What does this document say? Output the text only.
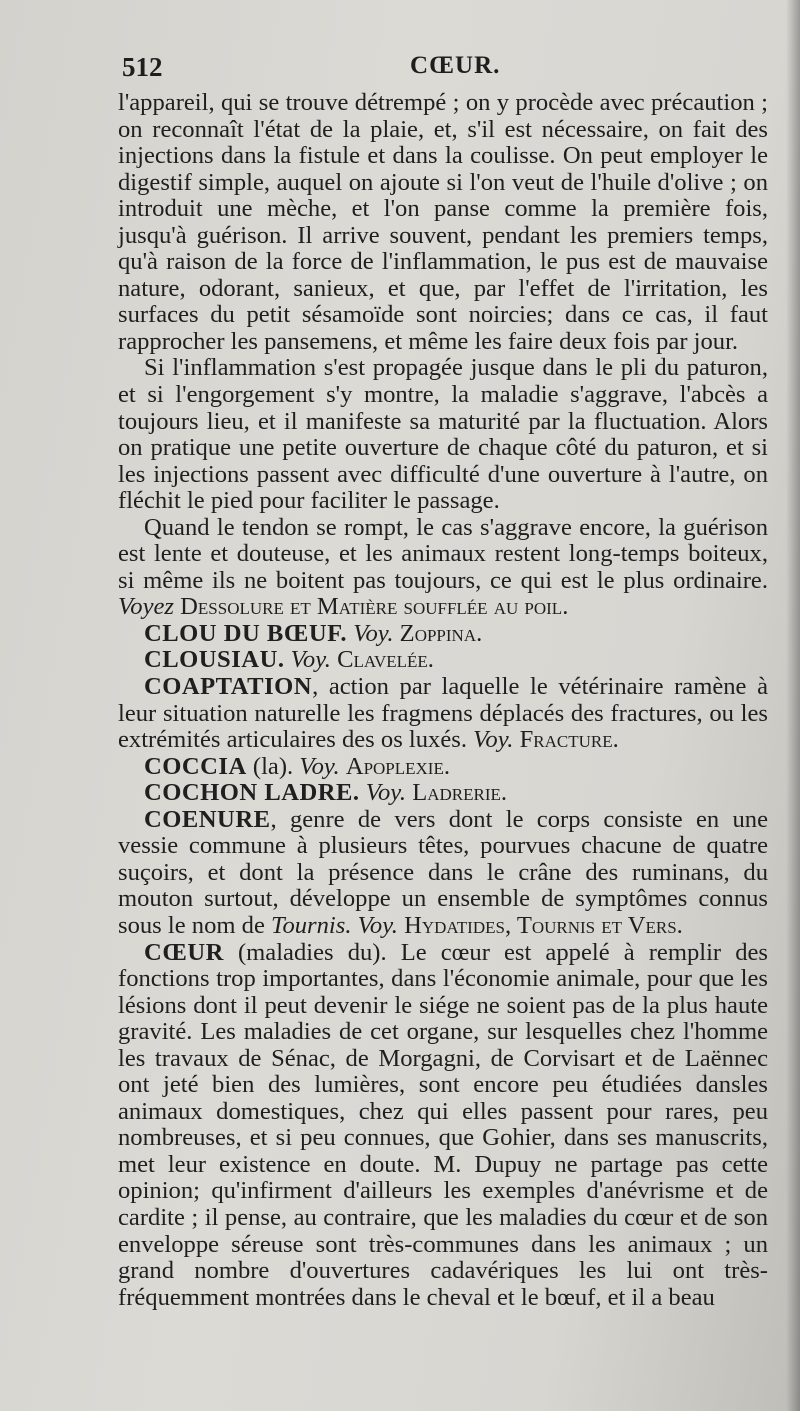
512	CŒUR.

l'appareil, qui se trouve détrempé ; on y procède avec précaution ; on reconnaît l'état de la plaie, et, s'il est nécessaire, on fait des injections dans la fistule et dans la coulisse. On peut employer le digestif simple, auquel on ajoute si l'on veut de l'huile d'olive ; on introduit une mèche, et l'on panse comme la première fois, jusqu'à guérison. Il arrive souvent, pendant les premiers temps, qu'à raison de la force de l'inflammation, le pus est de mauvaise nature, odorant, sanieux, et que, par l'effet de l'irritation, les surfaces du petit sésamoïde sont noircies; dans ce cas, il faut rapprocher les pansemens, et même les faire deux fois par jour.

Si l'inflammation s'est propagée jusque dans le pli du paturon, et si l'engorgement s'y montre, la maladie s'aggrave, l'abcès a toujours lieu, et il manifeste sa maturité par la fluctuation. Alors on pratique une petite ouverture de chaque côté du paturon, et si les injections passent avec difficulté d'une ouverture à l'autre, on fléchit le pied pour faciliter le passage.

Quand le tendon se rompt, le cas s'aggrave encore, la guérison est lente et douteuse, et les animaux restent long-temps boiteux, si même ils ne boitent pas toujours, ce qui est le plus ordinaire. Voyez Dessolure et Matière soufflée au poil.

CLOU DU BŒUF. Voy. Zoppina.

CLOUSIAU. Voy. Clavelée.

COAPTATION, action par laquelle le vétérinaire ramène à leur situation naturelle les fragmens déplacés des fractures, ou les extrémités articulaires des os luxés. Voy. Fracture.

COCCIA (la). Voy. Apoplexie.

COCHON LADRE. Voy. Ladrerie.

COENURE, genre de vers dont le corps consiste en une vessie commune à plusieurs têtes, pourvues chacune de quatre suçoirs, et dont la présence dans le crâne des ruminans, du mouton surtout, développe un ensemble de symptômes connus sous le nom de Tournis. Voy. Hydatides, Tournis et Vers.

CŒUR (maladies du). Le cœur est appelé à remplir des fonctions trop importantes, dans l'économie animale, pour que les lésions dont il peut devenir le siége ne soient pas de la plus haute gravité. Les maladies de cet organe, sur lesquelles chez l'homme les travaux de Sénac, de Morgagni, de Corvisart et de Laënnec ont jeté bien des lumières, sont encore peu étudiées dansles animaux domestiques, chez qui elles passent pour rares, peu nombreuses, et si peu connues, que Gohier, dans ses manuscrits, met leur existence en doute. M. Dupuy ne partage pas cette opinion; qu'infirment d'ailleurs les exemples d'anévrisme et de cardite ; il pense, au contraire, que les maladies du cœur et de son enveloppe séreuse sont très-communes dans les animaux ; un grand nombre d'ouvertures cadavériques les lui ont très-fréquemment montrées dans le cheval et le bœuf, et il a beau
